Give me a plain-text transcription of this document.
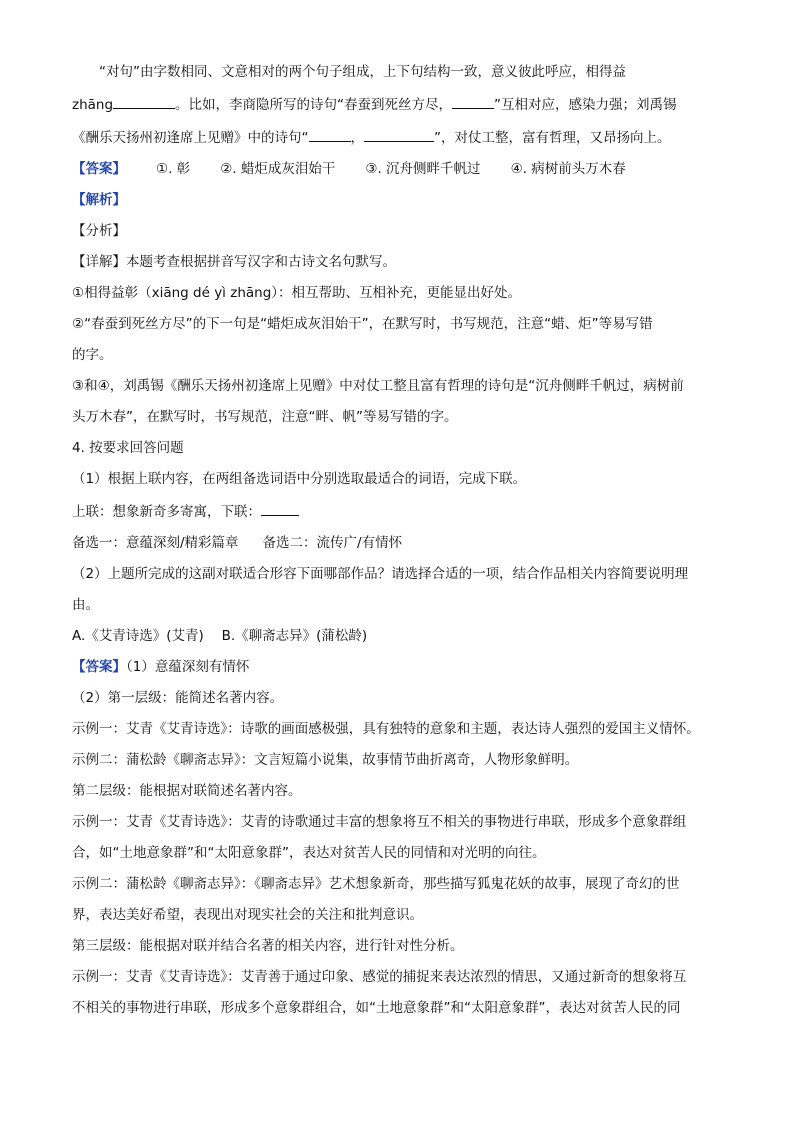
“对句”由字数相同、文意相对的两个句子组成，上下句结构一致，意义彼此呼应，相得益
zhāng	。比如，李商隐所写的诗句“春蚕到死丝方尽，	”互相对应，感染力强；刘禹锡
《酬乐天扬州初逢席上见赠》中的诗句“	，	”，对仗工整，富有哲理，又昂扬向上。
【答案】 ①. 彰 ②. 蜡炬成灰泪始干 ③. 沉舟侧畔千帆过 ④. 病树前头万木春
【解析】
【分析】
【详解】本题考查根据拼音写汉字和古诗文名句默写。
①相得益彰（xiāng dé yì zhāng）：相互帮助、互相补充，更能显出好处。
②“春蚕到死丝方尽”的下一句是“蜡炬成灰泪始干”，在默写时，书写规范，注意“蜡、炬”等易写错
的字。
③和④，刘禹锡《酬乐天扬州初逢席上见赠》中对仗工整且富有哲理的诗句是“沉舟侧畔千帆过，病树前
头万木春”，在默写时，书写规范，注意“畔、帆”等易写错的字。
4. 按要求回答问题
（1）根据上联内容，在两组备选词语中分别选取最适合的词语，完成下联。
上联：想象新奇多寄寓，下联：
备选一：意蕴深刻/精彩篇章 备选二：流传广/有情怀
（2）上题所完成的这副对联适合形容下面哪部作品？请选择合适的一项，结合作品相关内容简要说明理
由。
A.《艾青诗选》(艾青)　 B.《聊斋志异》(蒲松龄)
【答案】（1）意蕴深刻有情怀
（2）第一层级：能简述名著内容。
示例一：艾青《艾青诗选》：诗歌的画面感极强，具有独特的意象和主题，表达诗人强烈的爱国主义情怀。
示例二：蒲松龄《聊斋志异》：文言短篇小说集，故事情节曲折离奇，人物形象鲜明。
第二层级：能根据对联简述名著内容。
示例一：艾青《艾青诗选》：艾青的诗歌通过丰富的想象将互不相关的事物进行串联，形成多个意象群组
合，如“土地意象群”和“太阳意象群”，表达对贫苦人民的同情和对光明的向往。
示例二：蒲松龄《聊斋志异》：《聊斋志异》艺术想象新奇，那些描写狐鬼花妖的故事，展现了奇幻的世
界，表达美好希望，表现出对现实社会的关注和批判意识。
第三层级：能根据对联并结合名著的相关内容，进行针对性分析。
示例一：艾青《艾青诗选》：艾青善于通过印象、感觉的捕捉来表达浓烈的情思，又通过新奇的想象将互
不相关的事物进行串联，形成多个意象群组合，如“土地意象群”和“太阳意象群”，表达对贫苦人民的同
